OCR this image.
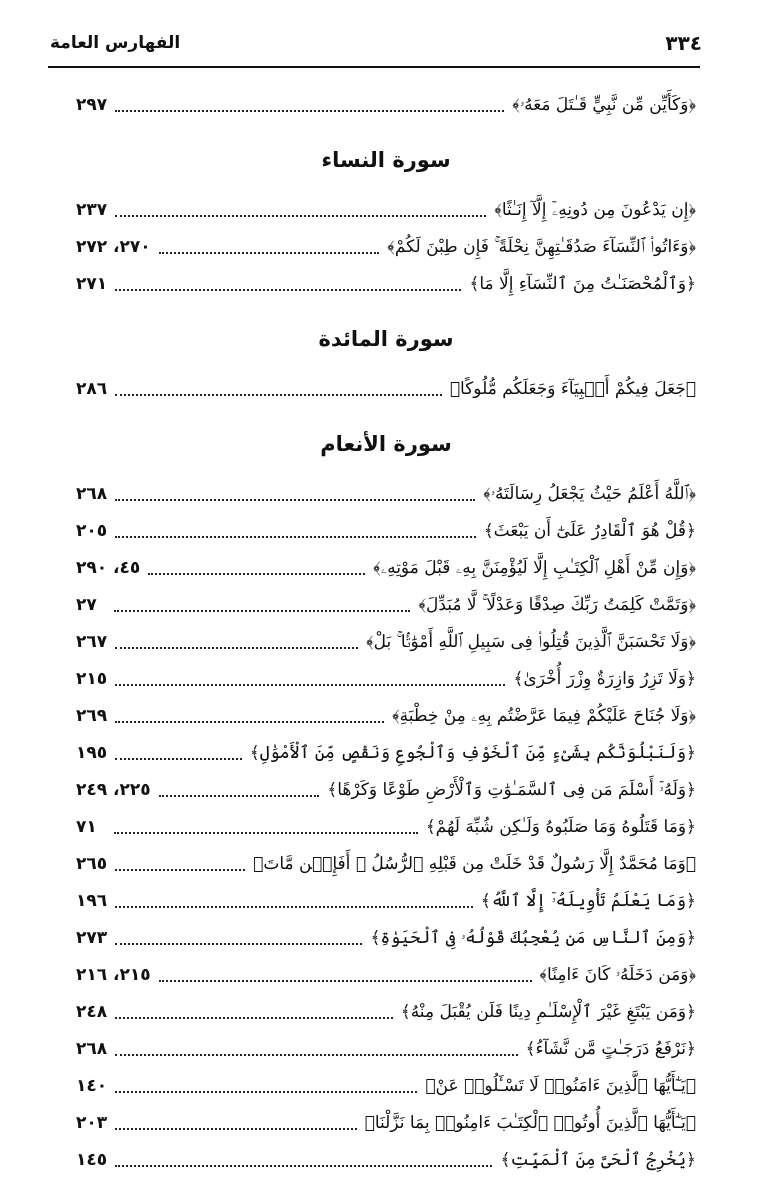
٣٣٤
الفهارس العامة
﴿وَكَأَيِّن مِّن نَّبِيٍّ قَـٰتَلَ مَعَهُۥ﴾
٢٩٧
سورة النساء
﴿إِن يَدْعُونَ مِن دُونِهِۦٓ إِلَّآ إِنَـٰثًا﴾
٢٣٧
﴿وَءَاتُوا۟ ٱلنِّسَآءَ صَدُقَـٰتِهِنَّ نِحْلَةً ۚ فَإِن طِبْنَ لَكُمْ﴾
٢٧٠، ٢٧٢
﴿وَٱلْمُحْصَنَـٰتُ مِنَ ٱلنِّسَآءِ إِلَّا مَا﴾
٢٧١
سورة المائدة
﴿جَعَلَ فِيكُمْ أَنۢبِيَآءَ وَجَعَلَكُم مُّلُوكًا﴾
٢٨٦
سورة الأنعام
﴿ٱللَّهُ أَعْلَمُ حَيْثُ يَجْعَلُ رِسَالَتَهُۥ﴾
٢٦٨
﴿قُلْ هُوَ ٱلْقَادِرُ عَلَىٰٓ أَن يَبْعَثَ﴾
٢٠٥
﴿وَإِن مِّنْ أَهْلِ ٱلْكِتَـٰبِ إِلَّا لَيُؤْمِنَنَّ بِهِۦ قَبْلَ مَوْتِهِۦ﴾
٤٥، ٢٩٠
﴿وَتَمَّتْ كَلِمَتُ رَبِّكَ صِدْقًا وَعَدْلًا ۚ لَّا مُبَدِّلَ﴾
٢٧
﴿وَلَا تَحْسَبَنَّ ٱلَّذِينَ قُتِلُوا۟ فِى سَبِيلِ ٱللَّهِ أَمْوَٰتًۢا ۚ بَلْ﴾
٢٦٧
﴿وَلَا تَزِرُ وَازِرَةٌ وِزْرَ أُخْرَىٰ﴾
٢١٥
﴿وَلَا جُنَاحَ عَلَيْكُمْ فِيمَا عَرَّضْتُم بِهِۦ مِنْ خِطْبَةِ﴾
٢٦٩
﴿وَلَنَبْلُوَنَّكُم بِشَىْءٍ مِّنَ ٱلْخَوْفِ وَٱلْجُوعِ وَنَقْصٍ مِّنَ ٱلْأَمْوَٰلِ﴾
١٩٥
﴿وَلَهُۥٓ أَسْلَمَ مَن فِى ٱلسَّمَـٰوَٰتِ وَٱلْأَرْضِ طَوْعًا وَكَرْهًا﴾
٢٢٥، ٢٤٩
﴿وَمَا قَتَلُوهُ وَمَا صَلَبُوهُ وَلَـٰكِن شُبِّهَ لَهُمْ﴾
٧١
﴿وَمَا مُحَمَّدٌ إِلَّا رَسُولٌ قَدْ خَلَتْ مِن قَبْلِهِ ٱلرُّسُلُ ۚ أَفَإِي۟ن مَّاتَ﴾
٢٦٥
﴿وَمَا يَعْلَمُ تَأْوِيلَهُۥٓ إِلَّا ٱللَّهُ﴾
١٩٦
﴿وَمِنَ ٱلنَّاسِ مَن يُعْجِبُكَ قَوْلُهُۥ فِى ٱلْحَيَوٰةِ﴾
٢٧٣
﴿وَمَن دَخَلَهُۥ كَانَ ءَامِنًا﴾
٢١٥، ٢١٦
﴿وَمَن يَبْتَغِ غَيْرَ ٱلْإِسْلَـٰمِ دِينًا فَلَن يُقْبَلَ مِنْهُ﴾
٢٤٨
﴿نَرْفَعُ دَرَجَـٰتٍ مَّن نَّشَآءُ﴾
٢٦٨
﴿يَـٰٓأَيُّهَا ٱلَّذِينَ ءَامَنُوا۟ لَا تَسْـَٔلُوا۟ عَنْ﴾
١٤٠
﴿يَـٰٓأَيُّهَا ٱلَّذِينَ أُوتُوا۟ ٱلْكِتَـٰبَ ءَامِنُوا۟ بِمَا نَزَّلْنَا﴾
٢٠٣
﴿يُخْرِجُ ٱلْحَىَّ مِنَ ٱلْمَيِّتِ﴾
١٤٥
